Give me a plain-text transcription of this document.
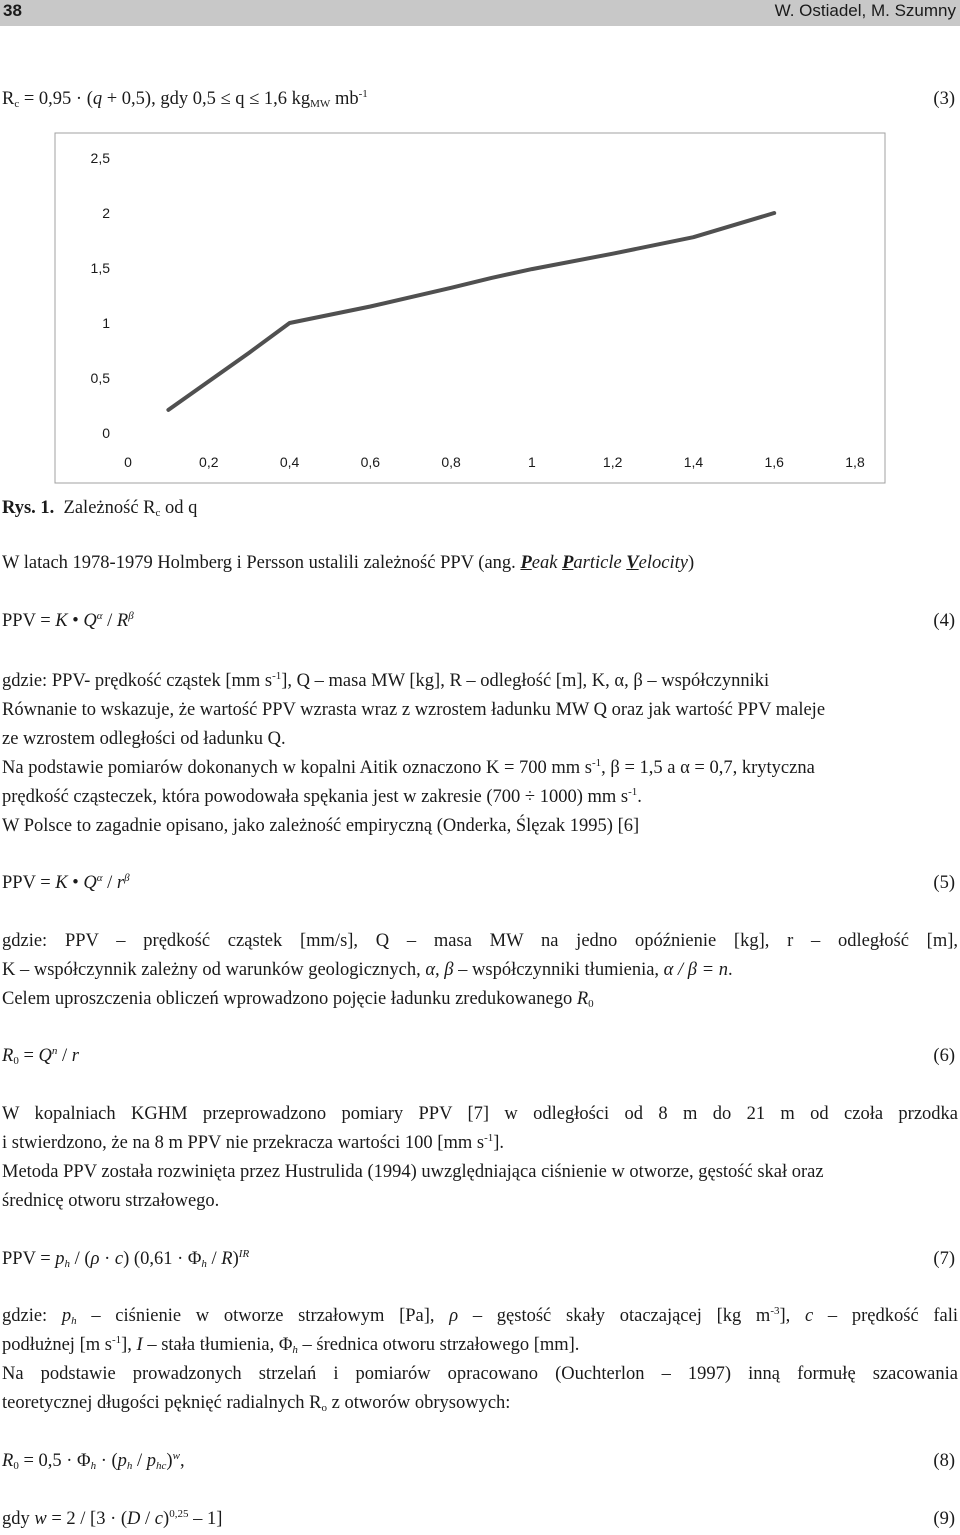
38	W. Ostiadel, M. Szumny
$R_c = 0,95 \cdot (q + 0,5)$, gdy 0,5 ≤ q ≤ 1,6 $kg_{MW}$ $mb^{-1}$	(3)
0
0,5
1
1,5
2
2,5
0	0,2	0,4	0,6	0,8	1	1,2	1,4	1,6	1,8
Rys. 1. Zależność $R_c$ od q
W latach 1978-1979 Holmberg i Persson ustalili zależność PPV (ang. Peak Particle Velocity)
PPV = K • $Q^\alpha / R^\beta$	(4)
gdzie: PPV- prędkość cząstek [mm $s^{-1}$], Q – masa MW [kg], R – odległość [m], K, α, β – współczynniki
Równanie to wskazuje, że wartość PPV wzrasta wraz z wzrostem ładunku MW Q oraz jak wartość PPV maleje
ze wzrostem odległości od ładunku Q.
Na podstawie pomiarów dokonanych w kopalni Aitik oznaczono K = 700 mm $s^{-1}$, β = 1,5 a α = 0,7, krytyczna
prędkość cząsteczek, która powodowała spękania jest w zakresie (700 ÷ 1000) mm $s^{-1}$.
W Polsce to zagadnie opisano, jako zależność empiryczną (Onderka, Ślęzak 1995) [6]
PPV = K • $Q^\alpha / r^\beta$	(5)
gdzie: PPV – prędkość cząstek [mm/s], Q – masa MW na jedno opóźnienie [kg], r – odległość [m],
K – współczynnik zależny od warunków geologicznych, α, β – współczynniki tłumienia, α / β = n.
Celem uproszczenia obliczeń wprowadzono pojęcie ładunku zredukowanego $R_0$
$R_0 = Q^n / r$	(6)
W kopalniach KGHM przeprowadzono pomiary PPV [7] w odległości od 8 m do 21 m od czoła przodka
i stwierdzono, że na 8 m PPV nie przekracza wartości 100 [mm $s^{-1}$].
Metoda PPV została rozwinięta przez Hustrulida (1994) uwzględniająca ciśnienie w otworze, gęstość skał oraz
średnicę otworu strzałowego.
PPV = $p_h / (\rho \cdot c) (0,61 \cdot \Phi_h / R)^{IR}$	(7)
gdzie: $p_h$ – ciśnienie w otworze strzałowym [Pa], ρ – gęstość skały otaczającej [kg $m^{-3}$], c – prędkość fali
podłużnej [m $s^{-1}$], I – stała tłumienia, $\Phi_h$ – średnica otworu strzałowego [mm].
Na podstawie prowadzonych strzelań i pomiarów opracowano (Ouchterlon – 1997) inną formułę szacowania
teoretycznej długości pęknięć radialnych $R_o$ z otworów obrysowych:
$R_0 = 0,5 \cdot \Phi_h \cdot (p_h / p_{hc})^w$,	(8)
gdy w = 2 / [3 · (D / c)$^{0,25}$ – 1]	(9)
